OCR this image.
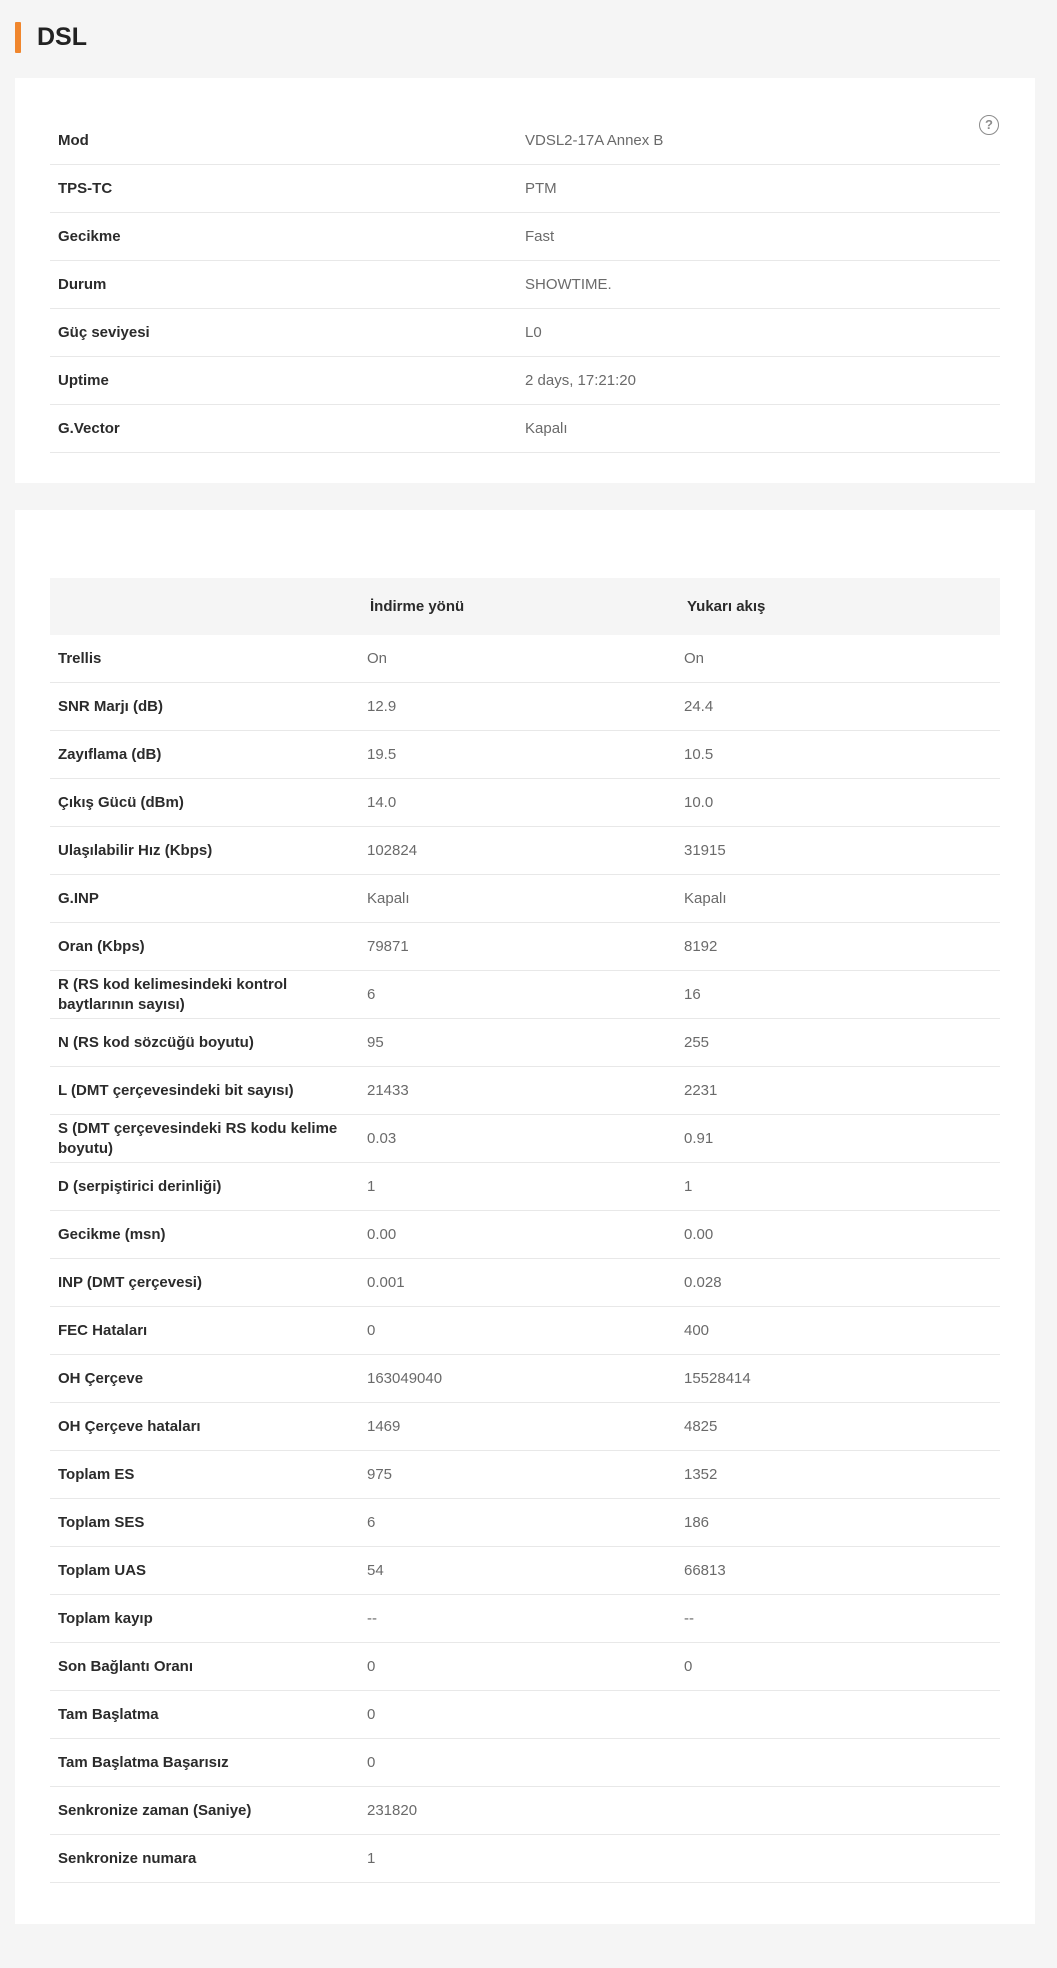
DSL
?
Mod	VDSL2-17A Annex B
TPS-TC	PTM
Gecikme	Fast
Durum	SHOWTIME.
Güç seviyesi	L0
Uptime	2 days, 17:21:20
G.Vector	Kapalı
İndirme yönü	Yukarı akış
Trellis	On	On
SNR Marjı (dB)	12.9	24.4
Zayıflama (dB)	19.5	10.5
Çıkış Gücü (dBm)	14.0	10.0
Ulaşılabilir Hız (Kbps)	102824	31915
G.INP	Kapalı	Kapalı
Oran (Kbps)	79871	8192
R (RS kod kelimesindeki kontrol baytlarının sayısı)
6	16
N (RS kod sözcüğü boyutu)	95	255
L (DMT çerçevesindeki bit sayısı)	21433	2231
S (DMT çerçevesindeki RS kodu kelime boyutu)
0.03	0.91
D (serpiştirici derinliği)	1	1
Gecikme (msn)	0.00	0.00
INP (DMT çerçevesi)	0.001	0.028
FEC Hataları	0	400
OH Çerçeve	163049040	15528414
OH Çerçeve hataları	1469	4825
Toplam ES	975	1352
Toplam SES	6	186
Toplam UAS	54	66813
Toplam kayıp	--	--
Son Bağlantı Oranı	0	0
Tam Başlatma	0
Tam Başlatma Başarısız	0
Senkronize zaman (Saniye)	231820
Senkronize numara	1
